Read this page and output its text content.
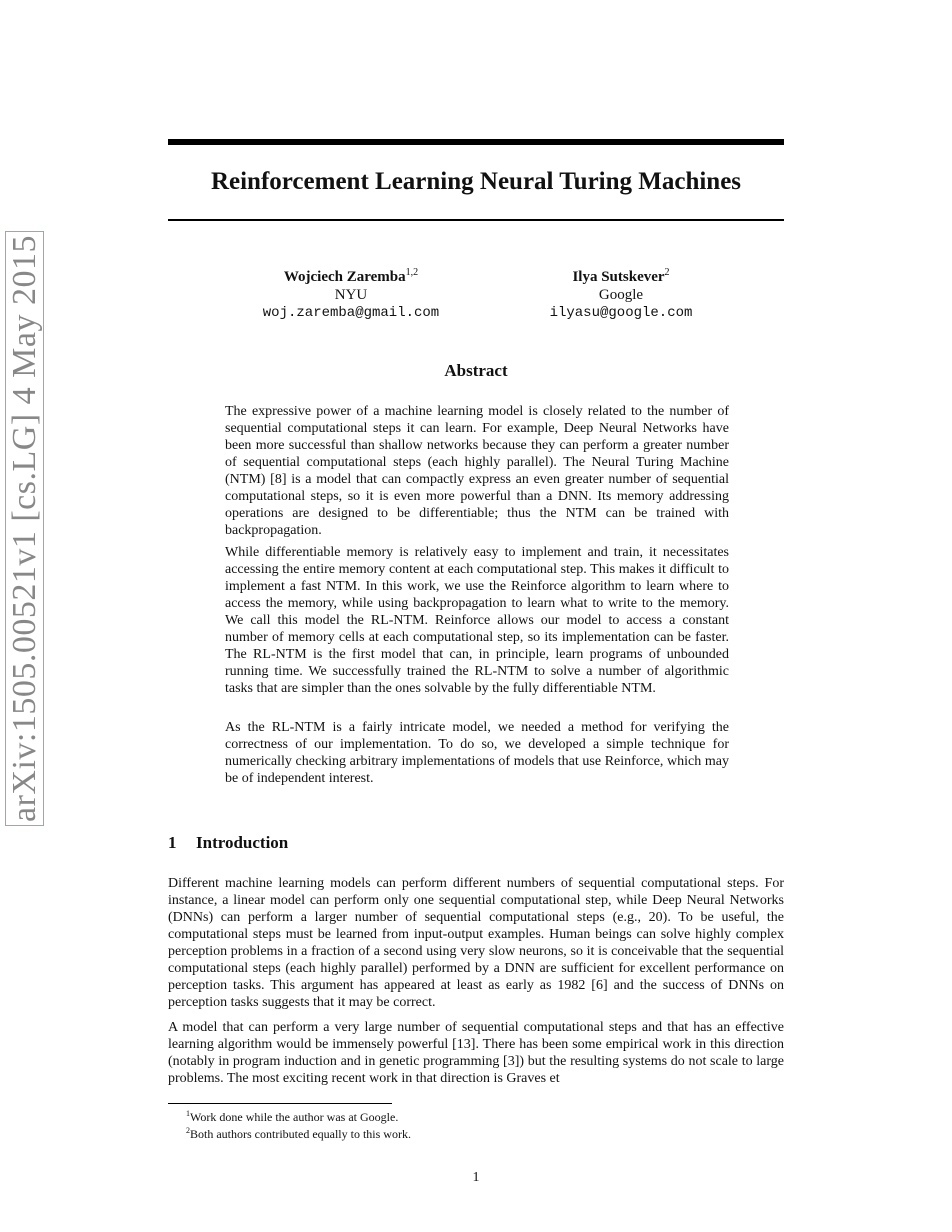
arXiv:1505.00521v1 [cs.LG] 4 May 2015
Reinforcement Learning Neural Turing Machines
Wojciech Zaremba$^{1,2}$
NYU
woj.zaremba@gmail.com
Ilya Sutskever$^2$
Google
ilyasu@google.com
Abstract
The expressive power of a machine learning model is closely related to the number of sequential computational steps it can learn. For example, Deep Neural Networks have been more successful than shallow networks because they can perform a greater number of sequential computational steps (each highly parallel). The Neural Turing Machine (NTM) [8] is a model that can compactly express an even greater number of sequential computational steps, so it is even more powerful than a DNN. Its memory addressing operations are designed to be differentiable; thus the NTM can be trained with backpropagation.
While differentiable memory is relatively easy to implement and train, it necessitates accessing the entire memory content at each computational step. This makes it difficult to implement a fast NTM. In this work, we use the Reinforce algorithm to learn where to access the memory, while using backpropagation to learn what to write to the memory. We call this model the RL-NTM. Reinforce allows our model to access a constant number of memory cells at each computational step, so its implementation can be faster. The RL-NTM is the first model that can, in principle, learn programs of unbounded running time. We successfully trained the RL-NTM to solve a number of algorithmic tasks that are simpler than the ones solvable by the fully differentiable NTM.
As the RL-NTM is a fairly intricate model, we needed a method for verifying the correctness of our implementation. To do so, we developed a simple technique for numerically checking arbitrary implementations of models that use Reinforce, which may be of independent interest.
1 Introduction
Different machine learning models can perform different numbers of sequential computational steps. For instance, a linear model can perform only one sequential computational step, while Deep Neural Networks (DNNs) can perform a larger number of sequential computational steps (e.g., 20). To be useful, the computational steps must be learned from input-output examples. Human beings can solve highly complex perception problems in a fraction of a second using very slow neurons, so it is conceivable that the sequential computational steps (each highly parallel) performed by a DNN are sufficient for excellent performance on perception tasks. This argument has appeared at least as early as 1982 [6] and the success of DNNs on perception tasks suggests that it may be correct.
A model that can perform a very large number of sequential computational steps and that has an effective learning algorithm would be immensely powerful [13]. There has been some empirical work in this direction (notably in program induction and in genetic programming [3]) but the resulting systems do not scale to large problems. The most exciting recent work in that direction is Graves et
$^1$Work done while the author was at Google.
$^2$Both authors contributed equally to this work.
1
